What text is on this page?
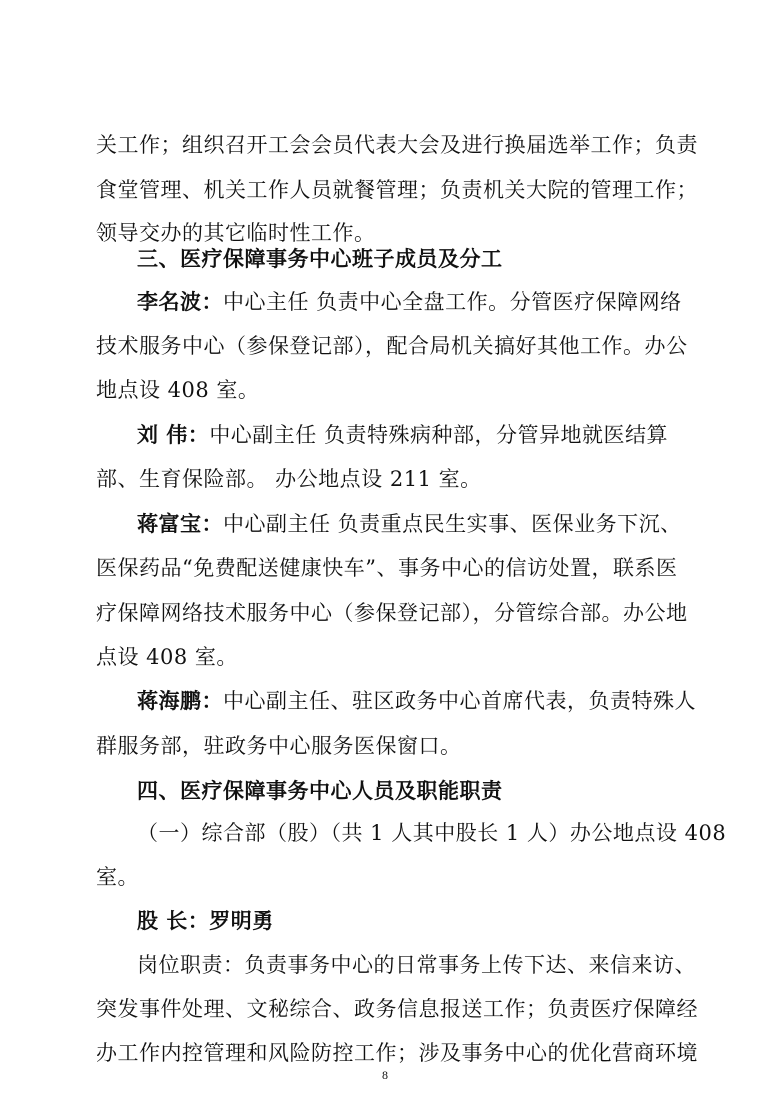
关工作；组织召开工会会员代表大会及进行换届选举工作；负责
食堂管理、机关工作人员就餐管理；负责机关大院的管理工作；
领导交办的其它临时性工作。
三、医疗保障事务中心班子成员及分工
李名波：中心主任 负责中心全盘工作。分管医疗保障网络
技术服务中心（参保登记部），配合局机关搞好其他工作。办公
地点设 408 室。
刘 伟：中心副主任 负责特殊病种部，分管异地就医结算
部、生育保险部。 办公地点设 211 室。
蒋富宝：中心副主任 负责重点民生实事、医保业务下沉、
医保药品“免费配送健康快车”、事务中心的信访处置，联系医
疗保障网络技术服务中心（参保登记部），分管综合部。办公地
点设 408 室。
蒋海鹏：中心副主任、驻区政务中心首席代表，负责特殊人
群服务部，驻政务中心服务医保窗口。
四、医疗保障事务中心人员及职能职责
（一）综合部（股）（共 1 人其中股长 1 人）办公地点设 408
室。
股 长：罗明勇
岗位职责：负责事务中心的日常事务上传下达、来信来访、
突发事件处理、文秘综合、政务信息报送工作；负责医疗保障经
办工作内控管理和风险防控工作；涉及事务中心的优化营商环境
8
